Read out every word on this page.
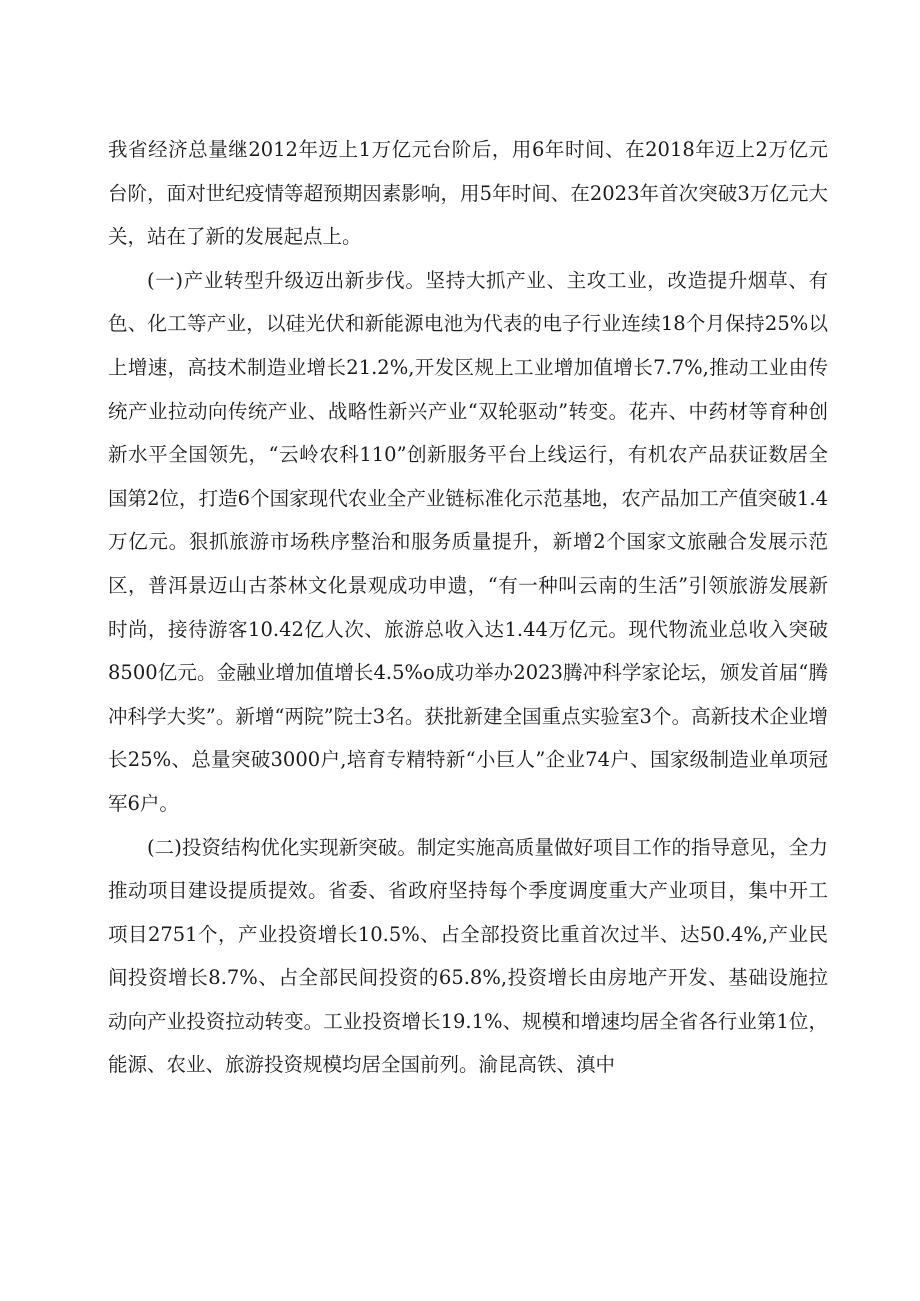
我省经济总量继2012年迈上1万亿元台阶后，用6年时间、在2018年迈上2万亿元台阶，面对世纪疫情等超预期因素影响，用5年时间、在2023年首次突破3万亿元大关，站在了新的发展起点上。

(一)产业转型升级迈出新步伐。坚持大抓产业、主攻工业，改造提升烟草、有色、化工等产业，以硅光伏和新能源电池为代表的电子行业连续18个月保持25%以上增速，高技术制造业增长21.2%,开发区规上工业增加值增长7.7%,推动工业由传统产业拉动向传统产业、战略性新兴产业“双轮驱动”转变。花卉、中药材等育种创新水平全国领先，“云岭农科110”创新服务平台上线运行，有机农产品获证数居全国第2位，打造6个国家现代农业全产业链标准化示范基地，农产品加工产值突破1.4万亿元。狠抓旅游市场秩序整治和服务质量提升，新增2个国家文旅融合发展示范区，普洱景迈山古茶林文化景观成功申遗，“有一种叫云南的生活”引领旅游发展新时尚，接待游客10.42亿人次、旅游总收入达1.44万亿元。现代物流业总收入突破8500亿元。金融业增加值增长4.5%o成功举办2023腾冲科学家论坛，颁发首届“腾冲科学大奖”。新增“两院”院士3名。获批新建全国重点实验室3个。高新技术企业增长25%、总量突破3000户,培育专精特新“小巨人”企业74户、国家级制造业单项冠军6户。

(二)投资结构优化实现新突破。制定实施高质量做好项目工作的指导意见，全力推动项目建设提质提效。省委、省政府坚持每个季度调度重大产业项目，集中开工项目2751个，产业投资增长10.5%、占全部投资比重首次过半、达50.4%,产业民间投资增长8.7%、占全部民间投资的65.8%,投资增长由房地产开发、基础设施拉动向产业投资拉动转变。工业投资增长19.1%、规模和增速均居全省各行业第1位，能源、农业、旅游投资规模均居全国前列。渝昆高铁、滇中
